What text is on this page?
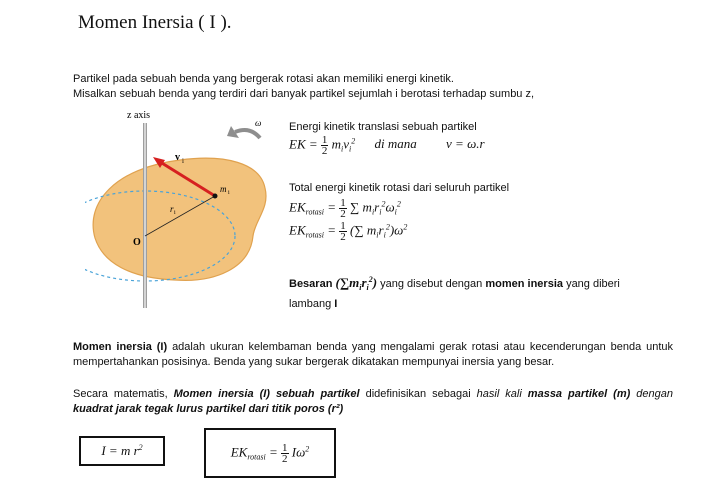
Momen Inersia ( I ).
Partikel pada sebuah benda yang bergerak rotasi akan memiliki energi kinetik.
Misalkan sebuah benda yang terdiri dari banyak partikel sejumlah i berotasi terhadap sumbu z,
z axis
ω
v i
m i
r i
O
Energi kinetik translasi sebuah partikel
EK = $\frac{1}{2} m_iv_i^2$ di mana v = ω.r
Total energi kinetik rotasi dari seluruh partikel
$EK_{rotasi} = \frac{1}{2}$ ∑ $m_ir_i^2\omega_i^2$
$EK_{rotasi} = \frac{1}{2}$ (∑ $m_ir_i^2)\omega^2$
Besaran $(\sum m_ir_i^2)$ yang disebut dengan momen inersia yang diberi
lambang I
Momen inersia (I) adalah ukuran kelembaman benda yang mengalami gerak rotasi atau kecenderungan benda untuk mempertahankan posisinya. Benda yang sukar bergerak dikatakan mempunyai inersia yang besar.
Secara matematis, Momen inersia (I) sebuah partikel didefinisikan sebagai hasil kali massa partikel (m) dengan kuadrat jarak tegak lurus partikel dari titik poros (r²)
I = m $r^2$	$EK_{rotasi} = \frac{1}{2} I\omega^2$
